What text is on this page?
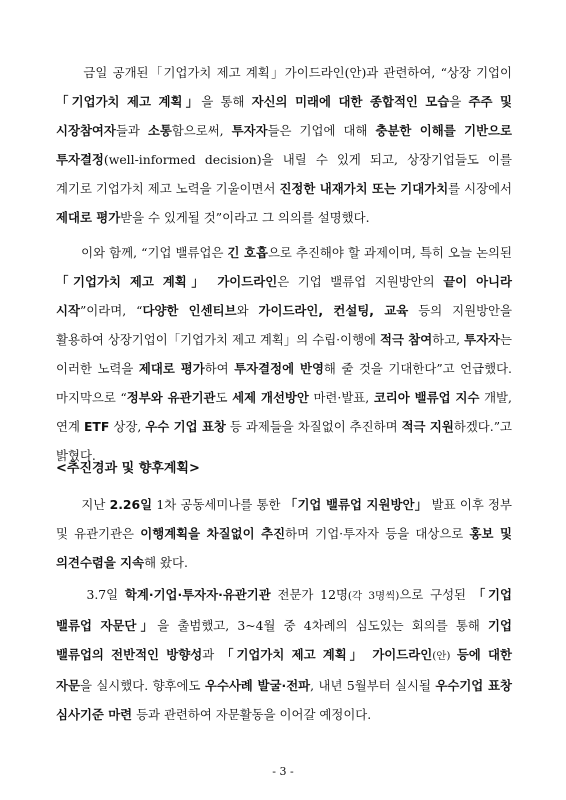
　　금일 공개된「기업가치 제고 계획」가이드라인(안)과 관련하여, “상장 기업이 「기업가치 제고 계획」을 통해 자신의 미래에 대한 종합적인 모습을 주주 및 시장참여자들과 소통함으로써, 투자자들은 기업에 대해 충분한 이해를 기반으로 투자결정(well-informed decision)을 내릴 수 있게 되고, 상장기업들도 이를 계기로 기업가치 제고 노력을 기울이면서 진정한 내재가치 또는 기대가치를 시장에서 제대로 평가받을 수 있게될 것”이라고 그 의의를 설명했다.

　　이와 함께, “기업 밸류업은 긴 호흡으로 추진해야 할 과제이며, 특히 오늘 논의된 「기업가치 제고 계획」 가이드라인은 기업 밸류업 지원방안의 끝이 아니라 시작”이라며, “다양한 인센티브와 가이드라인, 컨설팅, 교육 등의 지원방안을 활용하여 상장기업이「기업가치 제고 계획」의 수립·이행에 적극 참여하고, 투자자는 이러한 노력을 제대로 평가하여 투자결정에 반영해 줄 것을 기대한다”고 언급했다. 마지막으로 “정부와 유관기관도 세제 개선방안 마련·발표, 코리아 밸류업 지수 개발, 연계 ETF 상장, 우수 기업 표창 등 과제들을 차질없이 추진하며 적극 지원하겠다.”고 밝혔다.

<추진경과 및 향후계획>

　　지난 2.26일 1차 공동세미나를 통한 「기업 밸류업 지원방안」 발표 이후 정부 및 유관기관은 이행계획을 차질없이 추진하며 기업·투자자 등을 대상으로 홍보 및 의견수렴을 지속해 왔다.

　　3.7일 학계·기업·투자자·유관기관 전문가 12명(각 3명씩)으로 구성된 「기업 밸류업 자문단」을 출범했고, 3~4월 중 4차례의 심도있는 회의를 통해 기업 밸류업의 전반적인 방향성과 「기업가치 제고 계획」 가이드라인(안) 등에 대한 자문을 실시했다. 향후에도 우수사례 발굴·전파, 내년 5월부터 실시될 우수기업 표창 심사기준 마련 등과 관련하여 자문활동을 이어갈 예정이다.

- 3 -
